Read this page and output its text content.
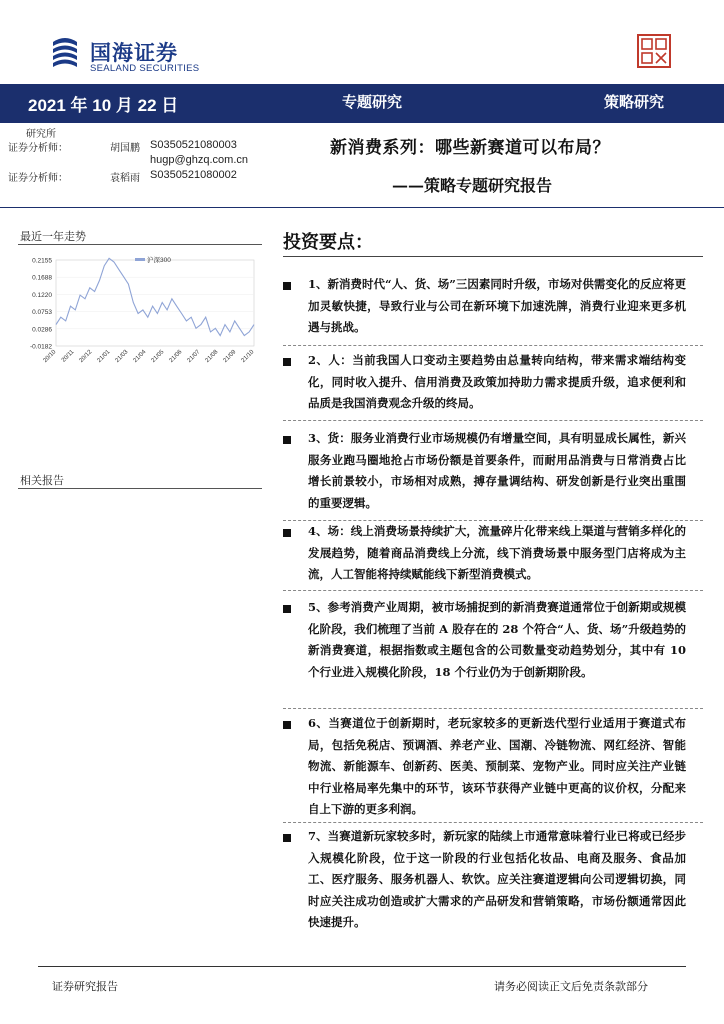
国海证券
SEALAND SECURITIES
2021 年 10 月 22 日	专题研究	策略研究
研究所
证券分析师：	胡国鹏 S0350521080003
hugp@ghzq.com.cn
证券分析师：	袁稻雨 S0350521080002
新消费系列：哪些新赛道可以布局？
——策略专题研究报告
最近一年走势
0.2155
0.1688
0.1220
0.0753
0.0286
-0.0182
20/10 20/11 20/12 21/01 21/03 21/04 21/05 21/06 21/07 21/08 21/09 21/10
沪深300
相关报告
投资要点：
1、新消费时代“人、货、场”三因素同时升级，市场对供需变化的反应将更加灵敏快捷，导致行业与公司在新环境下加速洗牌，消费行业迎来更多机遇与挑战。
2、人：当前我国人口变动主要趋势由总量转向结构，带来需求端结构变化，同时收入提升、信用消费及政策加持助力需求提质升级，追求便利和品质是我国消费观念升级的终局。
3、货：服务业消费行业市场规模仍有增量空间，具有明显成长属性，新兴服务业跑马圈地抢占市场份额是首要条件，而耐用品消费与日常消费占比增长前景较小，市场相对成熟，搏存量调结构、研发创新是行业突出重围的重要逻辑。
4、场：线上消费场景持续扩大，流量碎片化带来线上渠道与营销多样化的发展趋势，随着商品消费线上分流，线下消费场景中服务型门店将成为主流，人工智能将持续赋能线下新型消费模式。
5、参考消费产业周期，被市场捕捉到的新消费赛道通常位于创新期或规模化阶段，我们梳理了当前 A 股存在的 28 个符合“人、货、场”升级趋势的新消费赛道，根据指数或主题包含的公司数量变动趋势划分，其中有 10 个行业进入规模化阶段，18 个行业仍为于创新期阶段。
6、当赛道位于创新期时，老玩家较多的更新迭代型行业适用于赛道式布局，包括免税店、预调酒、养老产业、国潮、冷链物流、网红经济、智能物流、新能源车、创新药、医美、预制菜、宠物产业。同时应关注产业链中行业格局率先集中的环节，该环节获得产业链中更高的议价权，分配来自上下游的更多利润。
7、当赛道新玩家较多时，新玩家的陆续上市通常意味着行业已将或已经步入规模化阶段，位于这一阶段的行业包括化妆品、电商及服务、食品加工、医疗服务、服务机器人、软饮。应关注赛道逻辑向公司逻辑切换，同时应关注成功创造或扩大需求的产品研发和营销策略，市场份额通常因此快速提升。
证券研究报告	请务必阅读正文后免责条款部分
